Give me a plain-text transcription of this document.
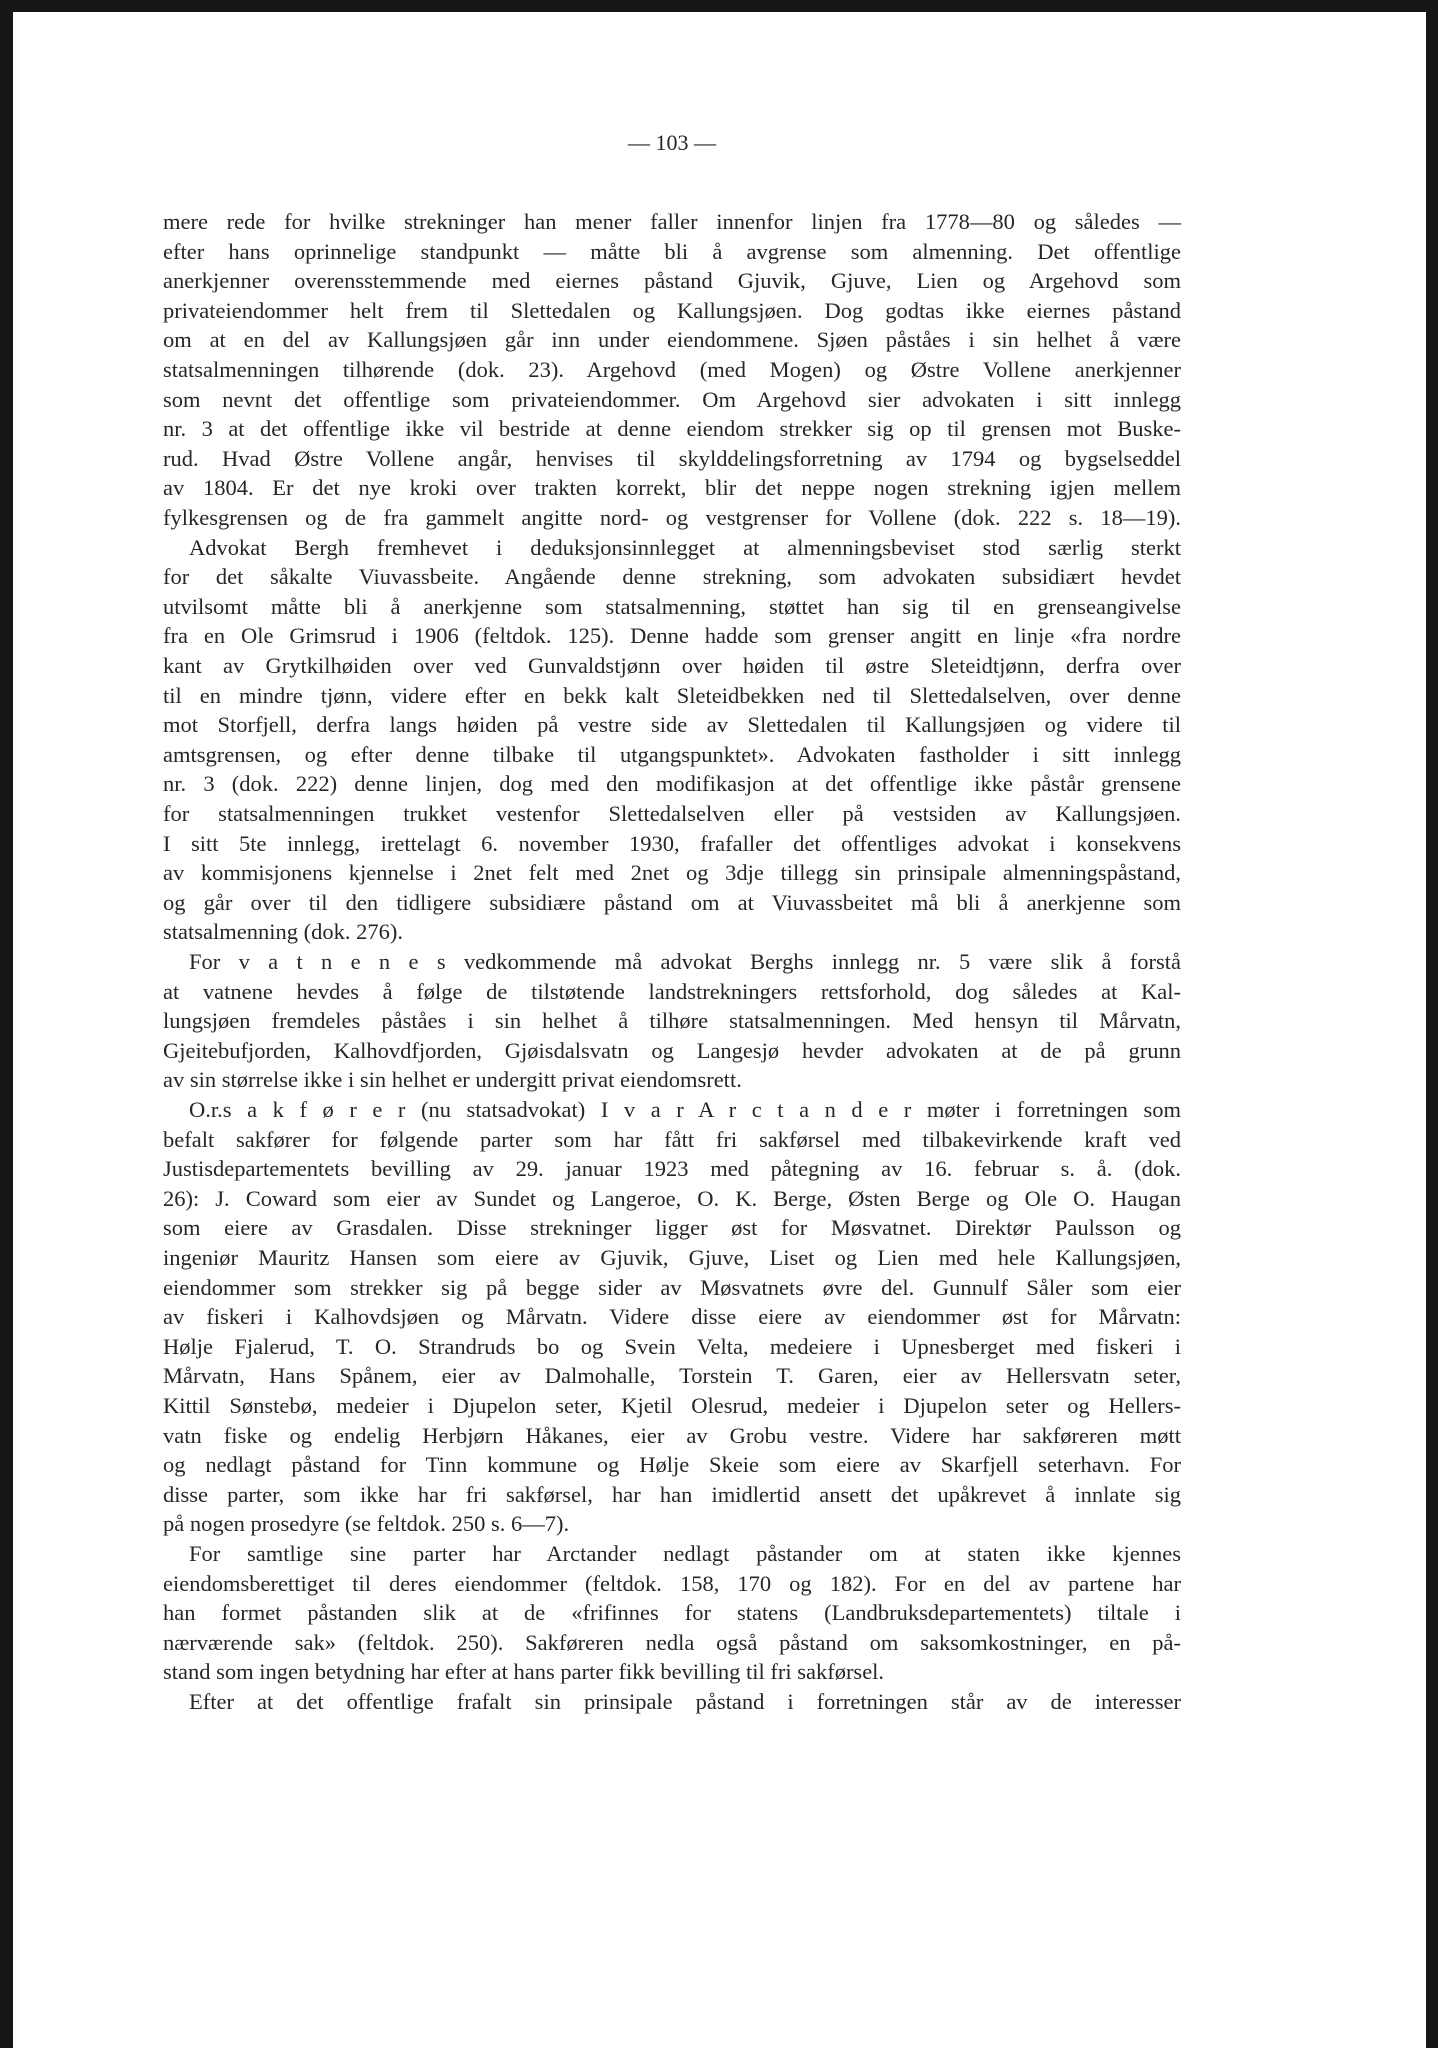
— 103 —
mere rede for hvilke strekninger han mener faller innenfor linjen fra 1778—80 og således —
efter hans oprinnelige standpunkt — måtte bli å avgrense som almenning. Det offentlige
anerkjenner overensstemmende med eiernes påstand Gjuvik, Gjuve, Lien og Argehovd som
privateiendommer helt frem til Slettedalen og Kallungsjøen. Dog godtas ikke eiernes påstand
om at en del av Kallungsjøen går inn under eiendommene. Sjøen påståes i sin helhet å være
statsalmenningen tilhørende (dok. 23). Argehovd (med Mogen) og Østre Vollene anerkjenner
som nevnt det offentlige som privateiendommer. Om Argehovd sier advokaten i sitt innlegg
nr. 3 at det offentlige ikke vil bestride at denne eiendom strekker sig op til grensen mot Buske-
rud. Hvad Østre Vollene angår, henvises til skylddelingsforretning av 1794 og bygselseddel
av 1804. Er det nye kroki over trakten korrekt, blir det neppe nogen strekning igjen mellem
fylkesgrensen og de fra gammelt angitte nord- og vestgrenser for Vollene (dok. 222 s. 18—19).
Advokat Bergh fremhevet i deduksjonsinnlegget at almenningsbeviset stod særlig sterkt
for det såkalte Viuvassbeite. Angående denne strekning, som advokaten subsidiært hevdet
utvilsomt måtte bli å anerkjenne som statsalmenning, støttet han sig til en grenseangivelse
fra en Ole Grimsrud i 1906 (feltdok. 125). Denne hadde som grenser angitt en linje «fra nordre
kant av Grytkilhøiden over ved Gunvaldstjønn over høiden til østre Sleteidtjønn, derfra over
til en mindre tjønn, videre efter en bekk kalt Sleteidbekken ned til Slettedalselven, over denne
mot Storfjell, derfra langs høiden på vestre side av Slettedalen til Kallungsjøen og videre til
amtsgrensen, og efter denne tilbake til utgangspunktet». Advokaten fastholder i sitt innlegg
nr. 3 (dok. 222) denne linjen, dog med den modifikasjon at det offentlige ikke påstår grensene
for statsalmenningen trukket vestenfor Slettedalselven eller på vestsiden av Kallungsjøen.
I sitt 5te innlegg, irettelagt 6. november 1930, frafaller det offentliges advokat i konsekvens
av kommisjonens kjennelse i 2net felt med 2net og 3dje tillegg sin prinsipale almenningspåstand,
og går over til den tidligere subsidiære påstand om at Viuvassbeitet må bli å anerkjenne som
statsalmenning (dok. 276).
For v a t n e n e s vedkommende må advokat Berghs innlegg nr. 5 være slik å forstå
at vatnene hevdes å følge de tilstøtende landstrekningers rettsforhold, dog således at Kal-
lungsjøen fremdeles påståes i sin helhet å tilhøre statsalmenningen. Med hensyn til Mårvatn,
Gjeitebufjorden, Kalhovdfjorden, Gjøisdalsvatn og Langesjø hevder advokaten at de på grunn
av sin størrelse ikke i sin helhet er undergitt privat eiendomsrett.
O.r.s a k f ø r e r (nu statsadvokat) I v a r A r c t a n d e r møter i forretningen som
befalt sakfører for følgende parter som har fått fri sakførsel med tilbakevirkende kraft ved
Justisdepartementets bevilling av 29. januar 1923 med påtegning av 16. februar s. å. (dok.
26): J. Coward som eier av Sundet og Langeroe, O. K. Berge, Østen Berge og Ole O. Haugan
som eiere av Grasdalen. Disse strekninger ligger øst for Møsvatnet. Direktør Paulsson og
ingeniør Mauritz Hansen som eiere av Gjuvik, Gjuve, Liset og Lien med hele Kallungsjøen,
eiendommer som strekker sig på begge sider av Møsvatnets øvre del. Gunnulf Såler som eier
av fiskeri i Kalhovdsjøen og Mårvatn. Videre disse eiere av eiendommer øst for Mårvatn:
Hølje Fjalerud, T. O. Strandruds bo og Svein Velta, medeiere i Upnesberget med fiskeri i
Mårvatn, Hans Spånem, eier av Dalmohalle, Torstein T. Garen, eier av Hellersvatn seter,
Kittil Sønstebø, medeier i Djupelon seter, Kjetil Olesrud, medeier i Djupelon seter og Hellers-
vatn fiske og endelig Herbjørn Håkanes, eier av Grobu vestre. Videre har sakføreren møtt
og nedlagt påstand for Tinn kommune og Hølje Skeie som eiere av Skarfjell seterhavn. For
disse parter, som ikke har fri sakførsel, har han imidlertid ansett det upåkrevet å innlate sig
på nogen prosedyre (se feltdok. 250 s. 6—7).
For samtlige sine parter har Arctander nedlagt påstander om at staten ikke kjennes
eiendomsberettiget til deres eiendommer (feltdok. 158, 170 og 182). For en del av partene har
han formet påstanden slik at de «frifinnes for statens (Landbruksdepartementets) tiltale i
nærværende sak» (feltdok. 250). Sakføreren nedla også påstand om saksomkostninger, en på-
stand som ingen betydning har efter at hans parter fikk bevilling til fri sakførsel.
Efter at det offentlige frafalt sin prinsipale påstand i forretningen står av de interesser
